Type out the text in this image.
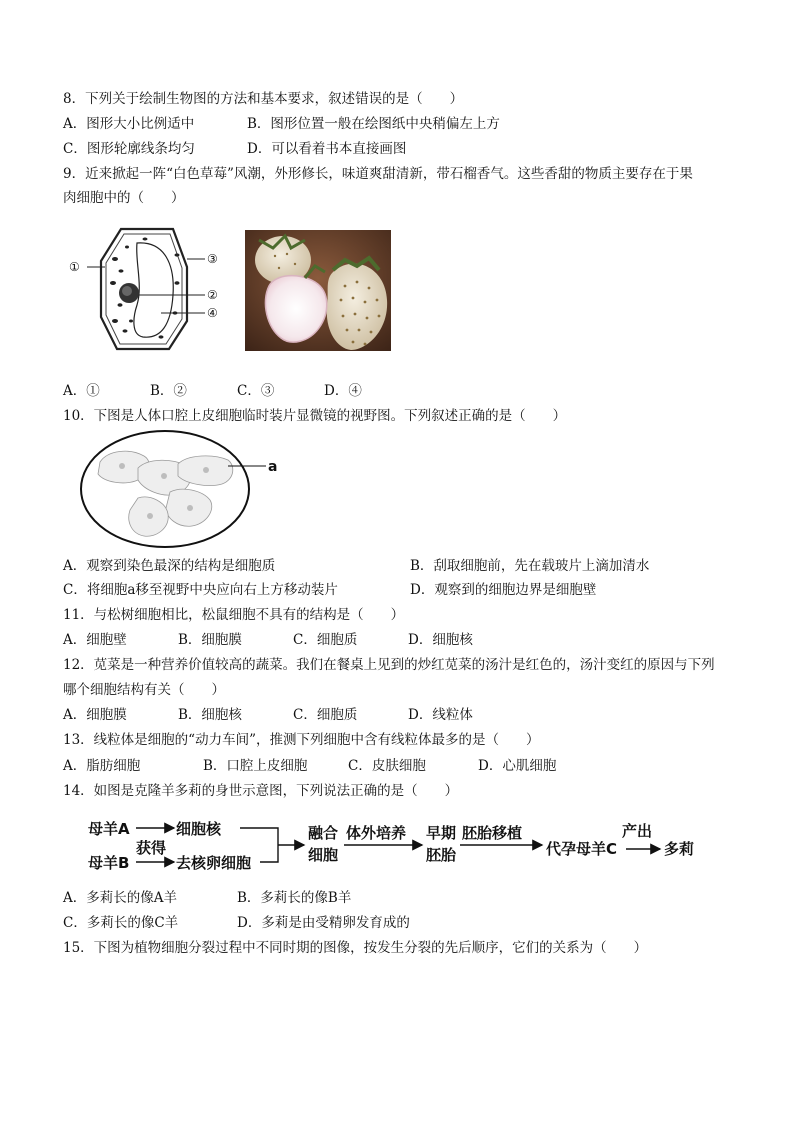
8．下列关于绘制生物图的方法和基本要求，叙述错误的是（　　）
A．图形大小比例适中	B．图形位置一般在绘图纸中央稍偏左上方
C．图形轮廓线条均匀	D．可以看着书本直接画图
9．近来掀起一阵“白色草莓”风潮，外形修长，味道爽甜清新，带石榴香气。这些香甜的物质主要存在于果
肉细胞中的（　　）
①
③
②
④
A．①	B．②	C．③	D．④
10．下图是人体口腔上皮细胞临时装片显微镜的视野图。下列叙述正确的是（　　）
a
A．观察到染色最深的结构是细胞质	B．刮取细胞前，先在载玻片上滴加清水
C．将细胞a移至视野中央应向右上方移动装片	D．观察到的细胞边界是细胞壁
11．与松树细胞相比，松鼠细胞不具有的结构是（　　）
A．细胞壁	B．细胞膜	C．细胞质	D．细胞核
12．苋菜是一种营养价值较高的蔬菜。我们在餐桌上见到的炒红苋菜的汤汁是红色的，汤汁变红的原因与下列
哪个细胞结构有关（　　）
A．细胞膜	B．细胞核	C．细胞质	D．线粒体
13．线粒体是细胞的“动力车间”，推测下列细胞中含有线粒体最多的是（　　）
A．脂肪细胞	B．口腔上皮细胞	C．皮肤细胞	D．心肌细胞
14．如图是克隆羊多莉的身世示意图，下列说法正确的是（　　）
母羊A
母羊B
细胞核
获得
去核卵细胞
融合
细胞
体外培养 早期
胚胎
胚胎移植
代孕母羊C
产出
多莉
A．多莉长的像A羊	B．多莉长的像B羊
C．多莉长的像C羊	D．多莉是由受精卵发育成的
15．下图为植物细胞分裂过程中不同时期的图像，按发生分裂的先后顺序，它们的关系为（　　）
